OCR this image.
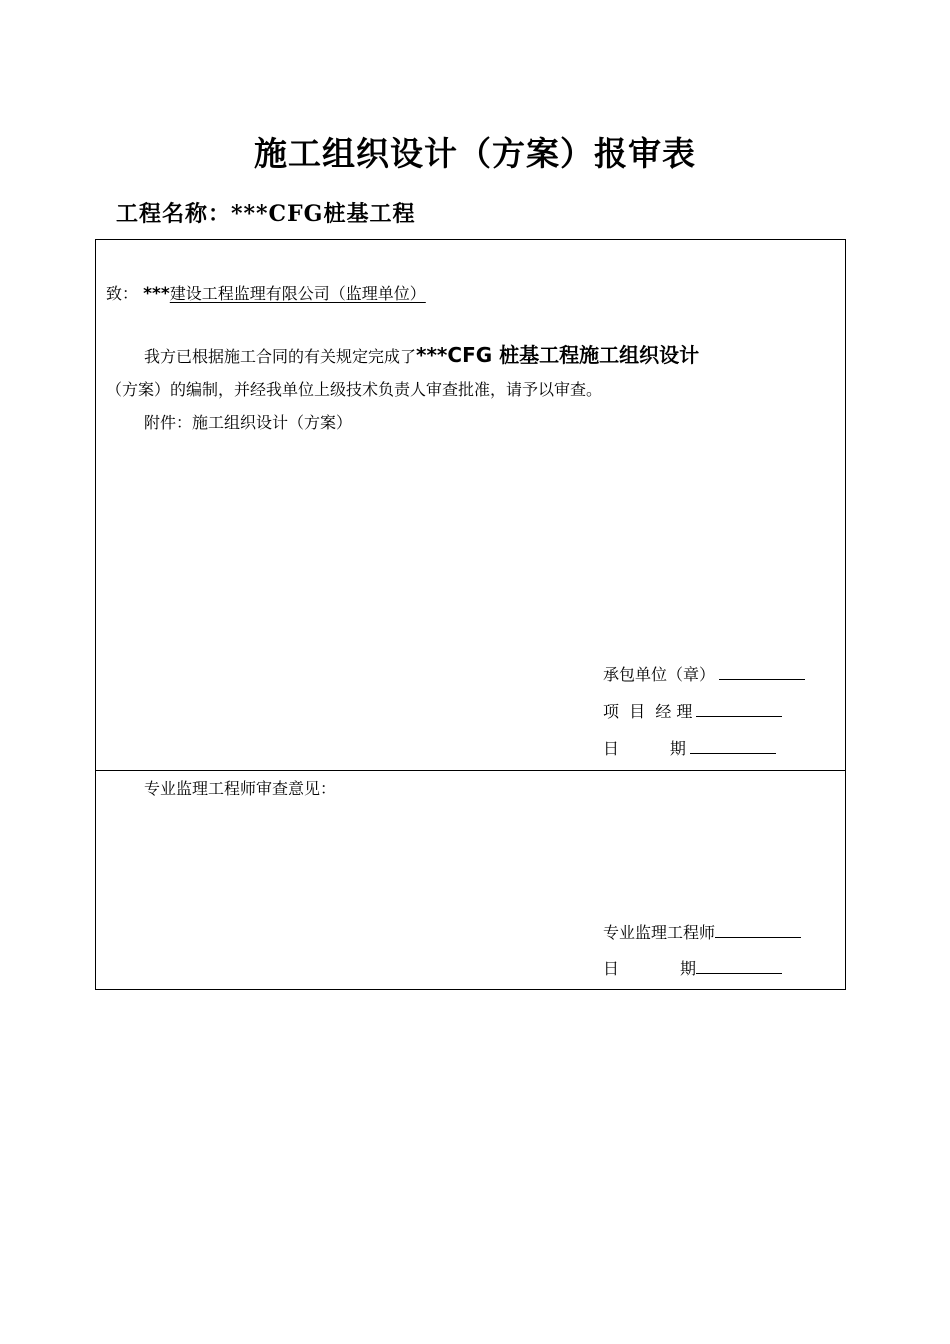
施工组织设计（方案）报审表
工程名称：***CFG桩基工程
致： ***建设工程监理有限公司（监理单位）
我方已根据施工合同的有关规定完成了***CFG 桩基工程施工组织设计
（方案）的编制，并经我单位上级技术负责人审查批准，请予以审查。
附件：施工组织设计（方案）
承包单位（章）
项  目  经 理
日          期
专业监理工程师审查意见：
专业监理工程师
日            期
